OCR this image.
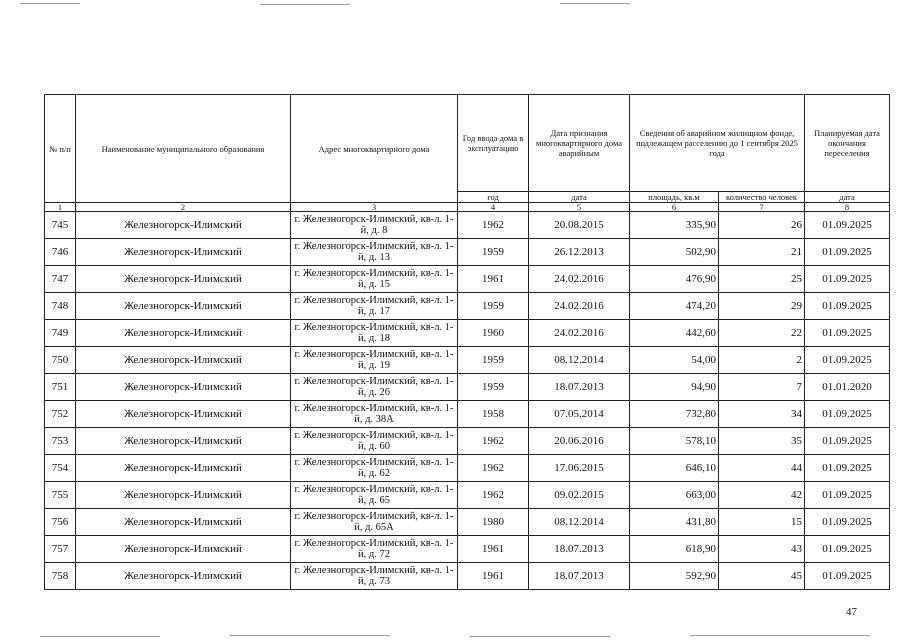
№ п/п	Наименование муниципального образования	Адрес многоквартирного дома	Год ввода дома в эксплуатацию	Дата признания многоквартирного дома аварийным	Сведения об аварийном жилищном фонде, подлежащем расселению до 1 сентября 2025 года		Планируемая дата окончания переселения
			год	дата	площадь, кв.м	количество человек	дата
1	2	3	4	5	6	7	8
745	Железногорск-Илимский	г. Железногорск-Илимский, кв-л. 1-й, д. 8	1962	20.08.2015	335,90	26	01.09.2025
746	Железногорск-Илимский	г. Железногорск-Илимский, кв-л. 1-й, д. 13	1959	26.12.2013	502,90	21	01.09.2025
747	Железногорск-Илимский	г. Железногорск-Илимский, кв-л. 1-й, д. 15	1961	24.02.2016	476,90	25	01.09.2025
748	Железногорск-Илимский	г. Железногорск-Илимский, кв-л. 1-й, д. 17	1959	24.02.2016	474,20	29	01.09.2025
749	Железногорск-Илимский	г. Железногорск-Илимский, кв-л. 1-й, д. 18	1960	24.02.2016	442,60	22	01.09.2025
750	Железногорск-Илимский	г. Железногорск-Илимский, кв-л. 1-й, д. 19	1959	08.12.2014	54,00	2	01.09.2025
751	Железногорск-Илимский	г. Железногорск-Илимский, кв-л. 1-й, д. 26	1959	18.07.2013	94,90	7	01.01.2020
752	Железногорск-Илимский	г. Железногорск-Илимский, кв-л. 1-й, д. 38А	1958	07.05.2014	732,80	34	01.09.2025
753	Железногорск-Илимский	г. Железногорск-Илимский, кв-л. 1-й, д. 60	1962	20.06.2016	578,10	35	01.09.2025
754	Железногорск-Илимский	г. Железногорск-Илимский, кв-л. 1-й, д. 62	1962	17.06.2015	646,10	44	01.09.2025
755	Железногорск-Илимский	г. Железногорск-Илимский, кв-л. 1-й, д. 65	1962	09.02.2015	663,00	42	01.09.2025
756	Железногорск-Илимский	г. Железногорск-Илимский, кв-л. 1-й, д. 65А	1980	08.12.2014	431,80	15	01.09.2025
757	Железногорск-Илимский	г. Железногорск-Илимский, кв-л. 1-й, д. 72	1961	18.07.2013	618,90	43	01.09.2025
758	Железногорск-Илимский	г. Железногорск-Илимский, кв-л. 1-й, д. 73	1961	18.07.2013	592,90	45	01.09.2025
47
